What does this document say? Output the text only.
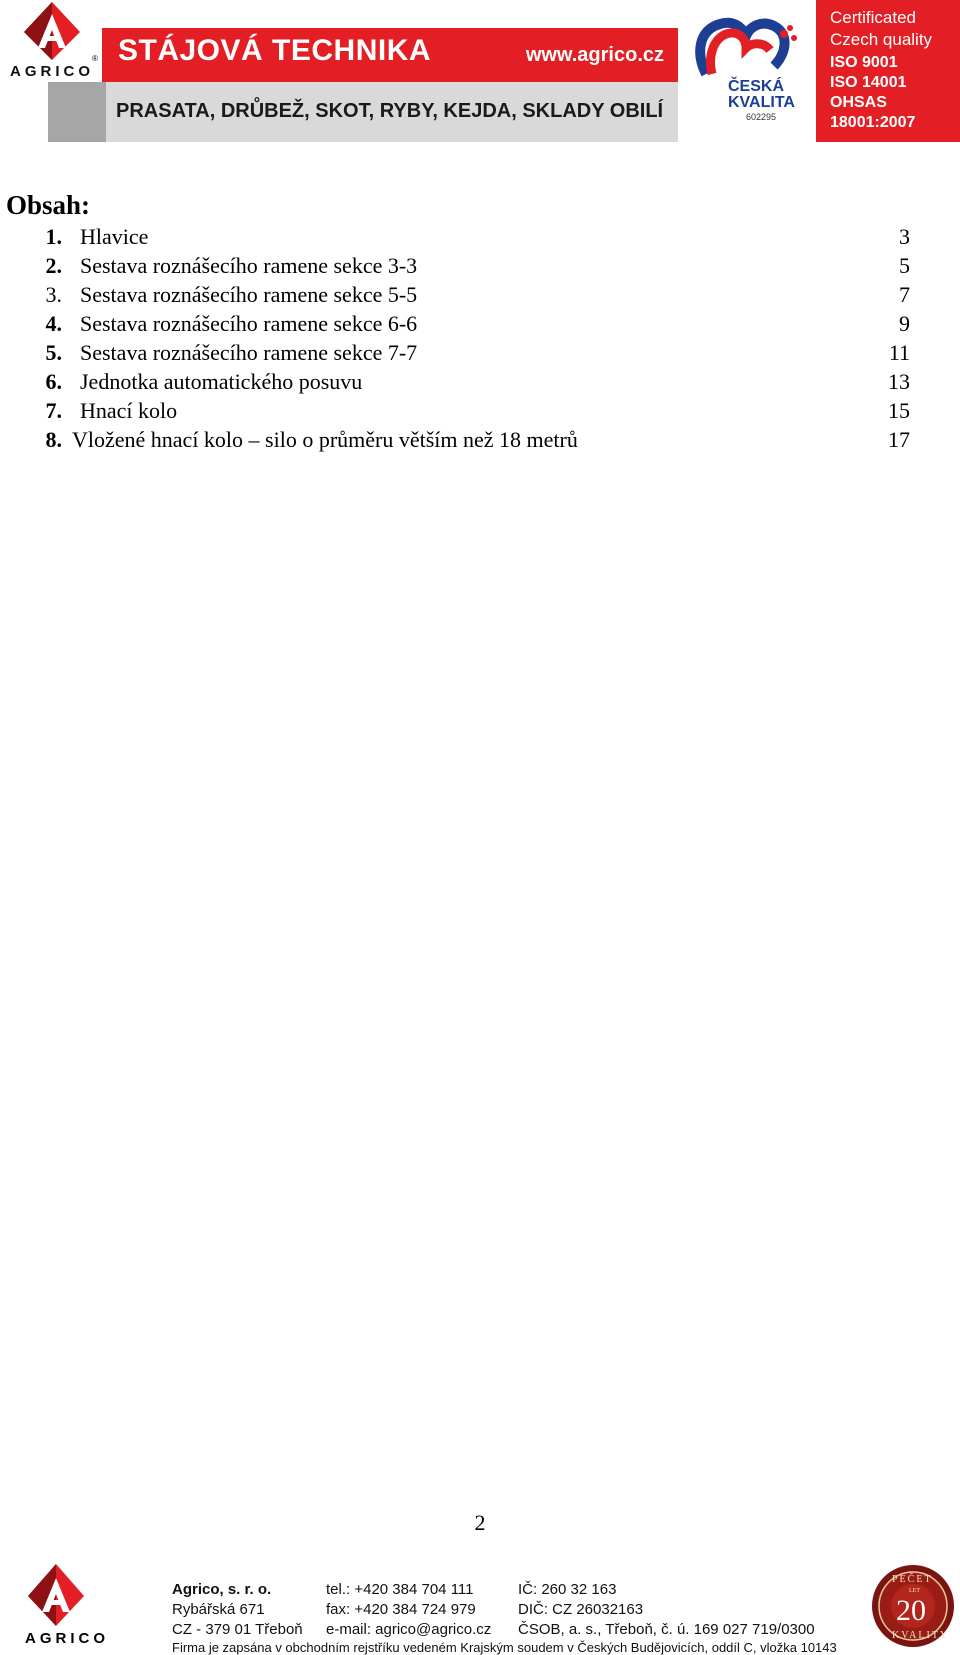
AGRICO
® STÁJOVÁ TECHNIKA	www.agrico.cz
PRASATA, DRŮBEŽ, SKOT, RYBY, KEJDA, SKLADY OBILÍ
ČESKÁ
KVALITA
602295
Certificated
Czech quality
ISO 9001
ISO 14001
OHSAS
18001:2007
Obsah:
1. Hlavice	3
2. Sestava roznášecího ramene sekce 3-3	5
3. Sestava roznášecího ramene sekce 5-5	7
4. Sestava roznášecího ramene sekce 6-6	9
5. Sestava roznášecího ramene sekce 7-7	11
6. Jednotka automatického posuvu	13
7. Hnací kolo	15
8. Vložené hnací kolo – silo o průměru větším než 18 metrů	17
2
AGRICO
Agrico, s. r. o.
Rybářská 671
CZ - 379 01 Třeboň
tel.: +420 384 704 111
fax: +420 384 724 979
e-mail: agrico@agrico.cz
IČ: 260 32 163
DIČ: CZ 26032163
ČSOB, a. s., Třeboň, č. ú. 169 027 719/0300
Firma je zapsána v obchodním rejstříku vedeném Krajským soudem v Českých Budějovicích, oddíl C, vložka 10143
PEČET
LET
20
KVALITY
